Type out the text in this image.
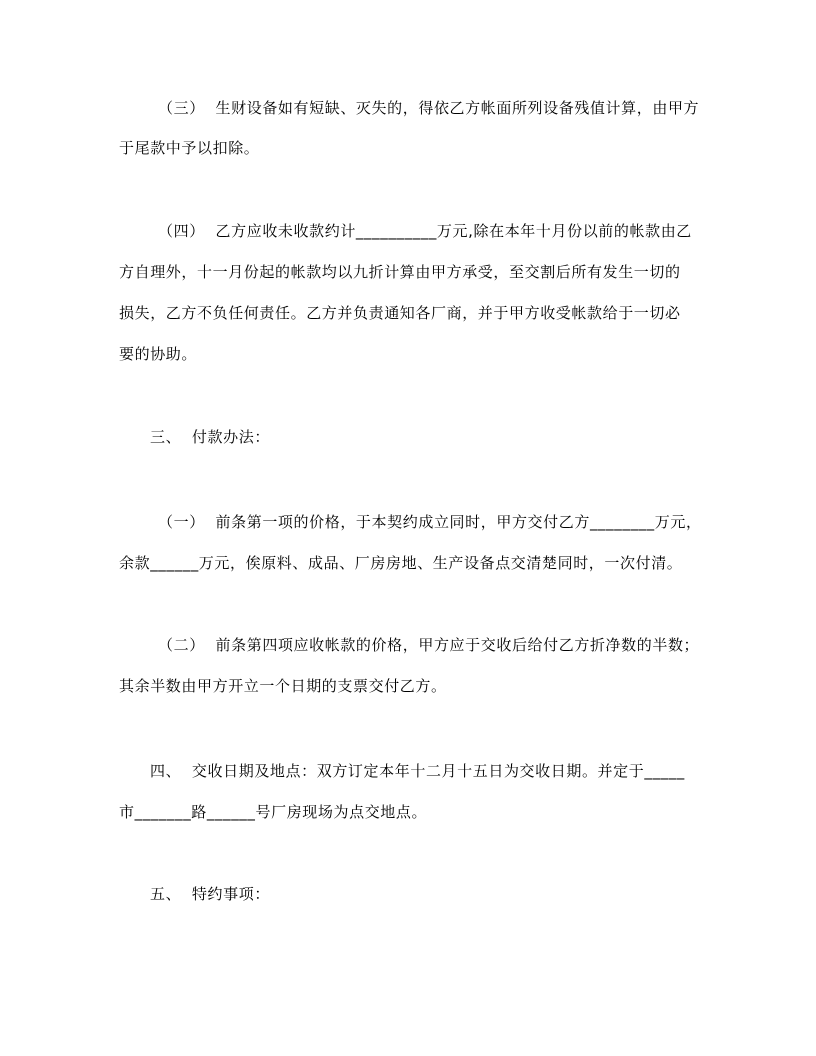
（三）  生财设备如有短缺、灭失的，得依乙方帐面所列设备残值计算，由甲方
于尾款中予以扣除。
（四）  乙方应收未收款约计__________万元,除在本年十月份以前的帐款由乙
方自理外，十一月份起的帐款均以九折计算由甲方承受，至交割后所有发生一切的
损失，乙方不负任何责任。乙方并负责通知各厂商，并于甲方收受帐款给于一切必
要的协助。
三、  付款办法：
（一）  前条第一项的价格，于本契约成立同时，甲方交付乙方________万元，
余款______万元，俟原料、成品、厂房房地、生产设备点交清楚同时，一次付清。
（二）  前条第四项应收帐款的价格，甲方应于交收后给付乙方折净数的半数；
其余半数由甲方开立一个日期的支票交付乙方。
四、  交收日期及地点：双方订定本年十二月十五日为交收日期。并定于_____
市_______路______号厂房现场为点交地点。
五、  特约事项：
